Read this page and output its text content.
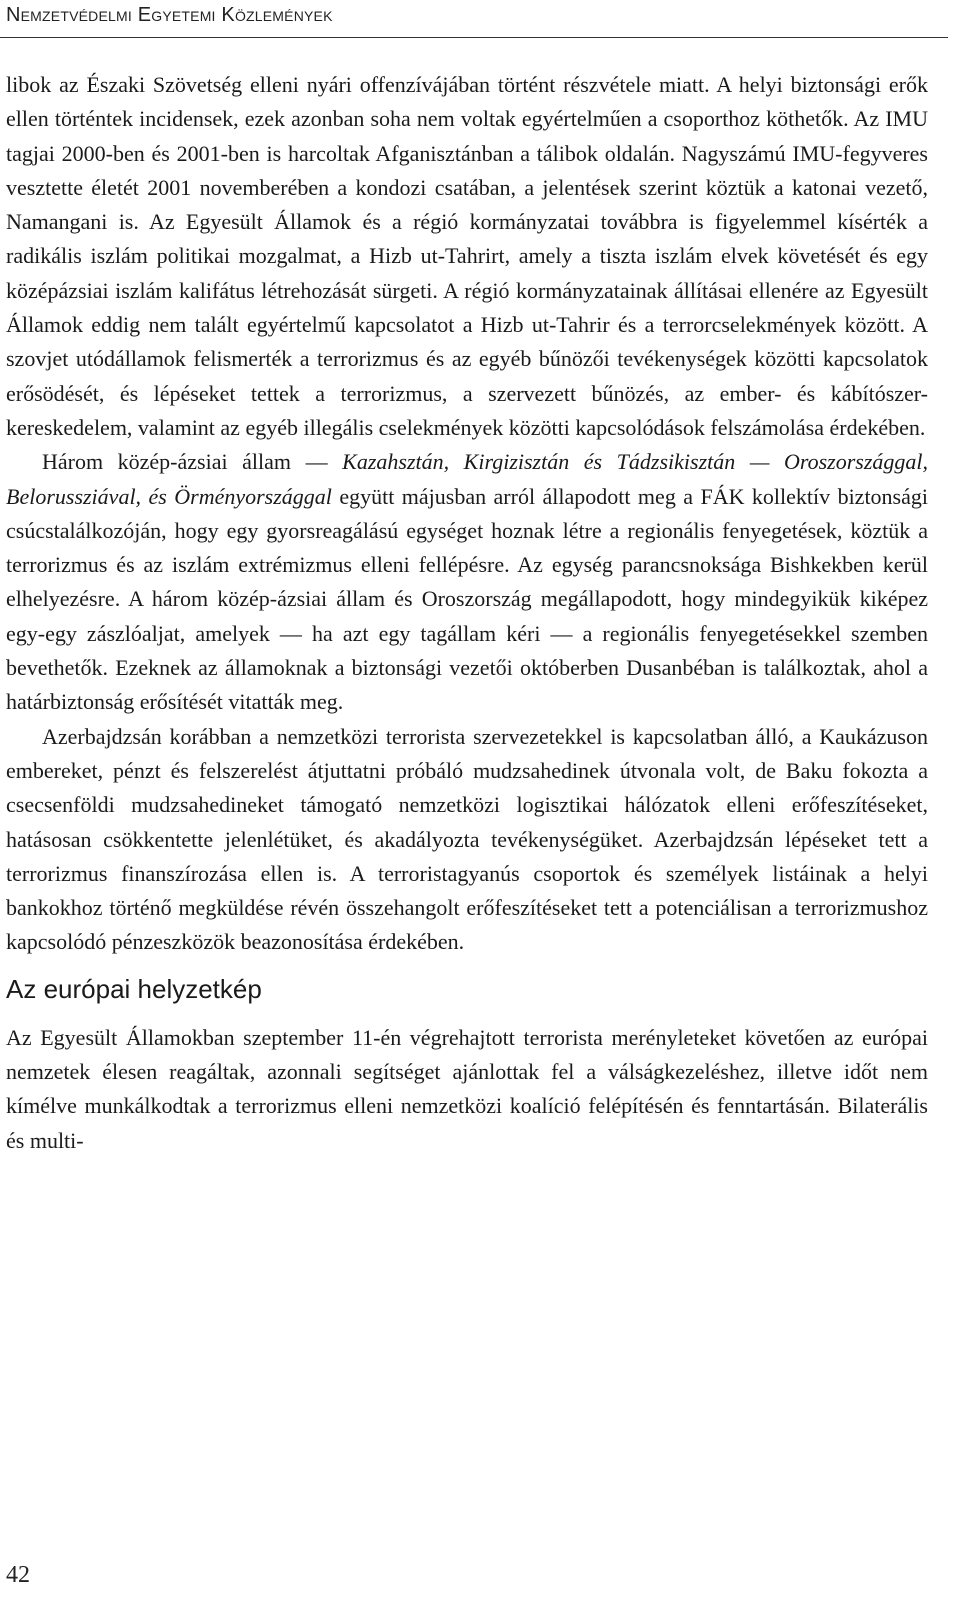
Nemzetvédelmi Egyetemi Közlemények

libok az Északi Szövetség elleni nyári offenzívájában történt részvétele miatt. A helyi biztonsági erők ellen történtek incidensek, ezek azonban soha nem voltak egyértelműen a csoporthoz köthetők. Az IMU tagjai 2000-ben és 2001-ben is harcoltak Afganisztánban a tálibok oldalán. Nagyszámú IMU-fegyveres vesztette életét 2001 novemberében a kondozi csatában, a jelentések szerint köztük a katonai vezető, Namangani is. Az Egyesült Államok és a régió kormányzatai továbbra is figyelemmel kísérték a radikális iszlám politikai mozgalmat, a Hizb ut-Tahrirt, amely a tiszta iszlám elvek követését és egy középázsiai iszlám kalifátus létrehozását sürgeti. A régió kormányzatainak állításai ellenére az Egyesült Államok eddig nem talált egyértelmű kapcsolatot a Hizb ut-Tahrir és a terrorcselekmények között. A szovjet utódállamok felismerték a terrorizmus és az egyéb bűnözői tevékenységek közötti kapcsolatok erősödését, és lépéseket tettek a terrorizmus, a szervezett bűnözés, az ember- és kábítószer-kereskedelem, valamint az egyéb illegális cselekmények közötti kapcsolódások felszámolása érdekében.

Három közép-ázsiai állam — Kazahsztán, Kirgizisztán és Tádzsikisztán — Oroszországgal, Belorussziával, és Örményországgal együtt májusban arról állapodott meg a FÁK kollektív biztonsági csúcstalálkozóján, hogy egy gyorsreagálású egységet hoznak létre a regionális fenyegetések, köztük a terrorizmus és az iszlám extrémizmus elleni fellépésre. Az egység parancsnoksága Bishkekben kerül elhelyezésre. A három közép-ázsiai állam és Oroszország megállapodott, hogy mindegyikük kiképez egy-egy zászlóaljat, amelyek — ha azt egy tagállam kéri — a regionális fenyegetésekkel szemben bevethetők. Ezeknek az államoknak a biztonsági vezetői októberben Dusanbéban is találkoztak, ahol a határbiztonság erősítését vitatták meg.

Azerbajdzsán korábban a nemzetközi terrorista szervezetekkel is kapcsolatban álló, a Kaukázuson embereket, pénzt és felszerelést átjuttatni próbáló mudzsahedinek útvonala volt, de Baku fokozta a csecsenföldi mudzsahedineket támogató nemzetközi logisztikai hálózatok elleni erőfeszítéseket, hatásosan csökkentette jelenlétüket, és akadályozta tevékenységüket. Azerbajdzsán lépéseket tett a terrorizmus finanszírozása ellen is. A terroristagyanús csoportok és személyek listáinak a helyi bankokhoz történő megküldése révén összehangolt erőfeszítéseket tett a potenciálisan a terrorizmushoz kapcsolódó pénzeszközök beazonosítása érdekében.

Az európai helyzetkép

Az Egyesült Államokban szeptember 11-én végrehajtott terrorista merényleteket követően az európai nemzetek élesen reagáltak, azonnali segítséget ajánlottak fel a válságkezeléshez, illetve időt nem kímélve munkálkodtak a terrorizmus elleni nemzetközi koalíció felépítésén és fenntartásán. Bilaterális és multi-

42
